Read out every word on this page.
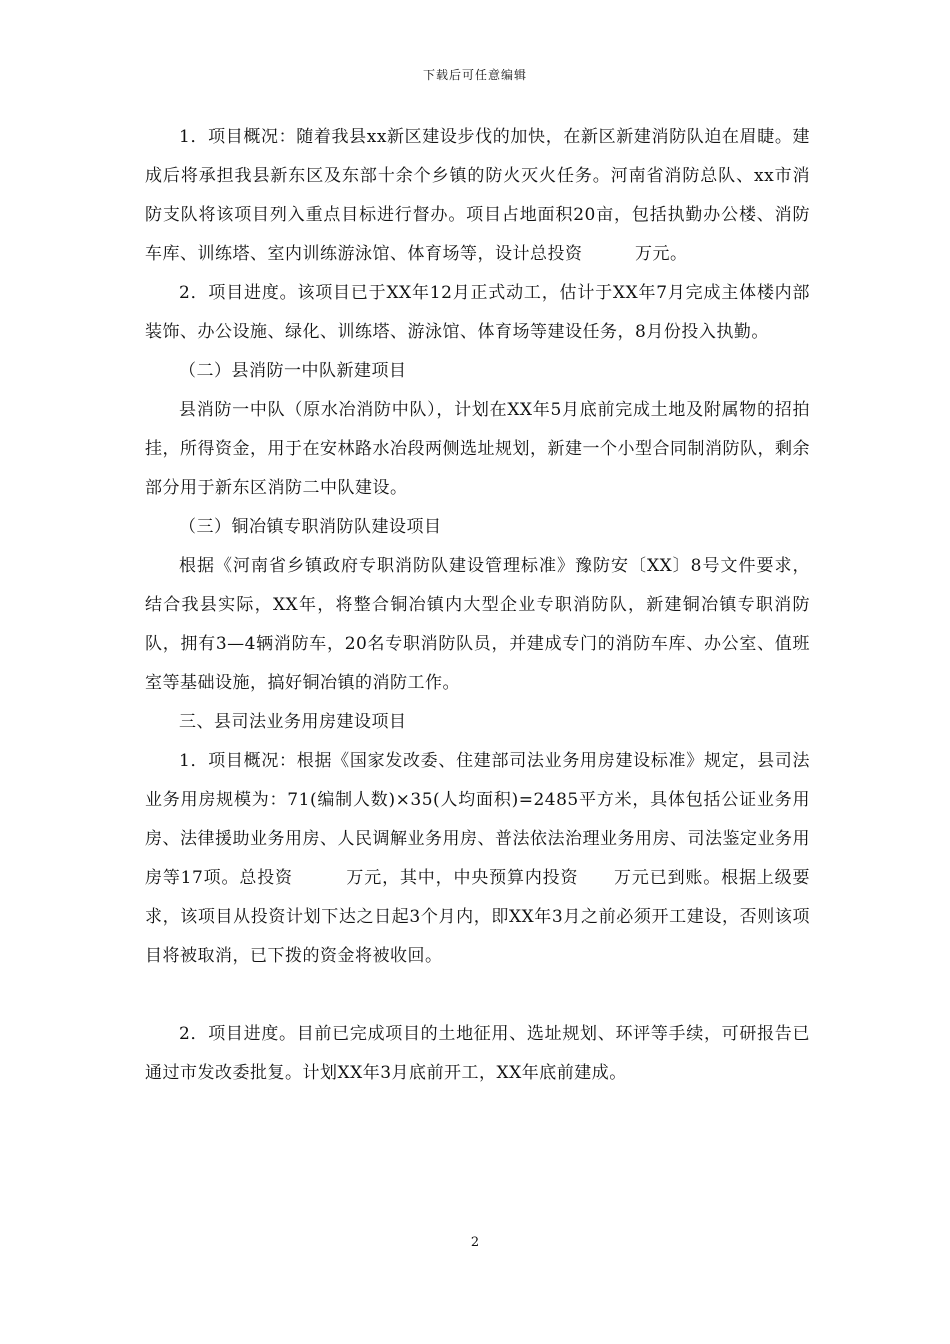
下载后可任意编辑

1．项目概况：随着我县xx新区建设步伐的加快，在新区新建消防队迫在眉睫。建成后将承担我县新东区及东部十余个乡镇的防火灭火任务。河南省消防总队、xx市消防支队将该项目列入重点目标进行督办。项目占地面积20亩，包括执勤办公楼、消防车库、训练塔、室内训练游泳馆、体育场等，设计总投资　　　万元。

2．项目进度。该项目已于XX年12月正式动工，估计于XX年7月完成主体楼内部装饰、办公设施、绿化、训练塔、游泳馆、体育场等建设任务，8月份投入执勤。

（二）县消防一中队新建项目

县消防一中队（原水冶消防中队），计划在XX年5月底前完成土地及附属物的招拍挂，所得资金，用于在安林路水冶段两侧选址规划，新建一个小型合同制消防队，剩余部分用于新东区消防二中队建设。

（三）铜冶镇专职消防队建设项目

根据《河南省乡镇政府专职消防队建设管理标准》豫防安〔XX〕8号文件要求，结合我县实际，XX年，将整合铜冶镇内大型企业专职消防队，新建铜冶镇专职消防队，拥有3—4辆消防车，20名专职消防队员，并建成专门的消防车库、办公室、值班室等基础设施，搞好铜冶镇的消防工作。

三、县司法业务用房建设项目

1．项目概况：根据《国家发改委、住建部司法业务用房建设标准》规定，县司法业务用房规模为：71(编制人数)×35(人均面积)=2485平方米，具体包括公证业务用房、法律援助业务用房、人民调解业务用房、普法依法治理业务用房、司法鉴定业务用房等17项。总投资　　　万元，其中，中央预算内投资　　万元已到账。根据上级要求，该项目从投资计划下达之日起3个月内，即XX年3月之前必须开工建设，否则该项目将被取消，已下拨的资金将被收回。

2．项目进度。目前已完成项目的土地征用、选址规划、环评等手续，可研报告已通过市发改委批复。计划XX年3月底前开工，XX年底前建成。

2
